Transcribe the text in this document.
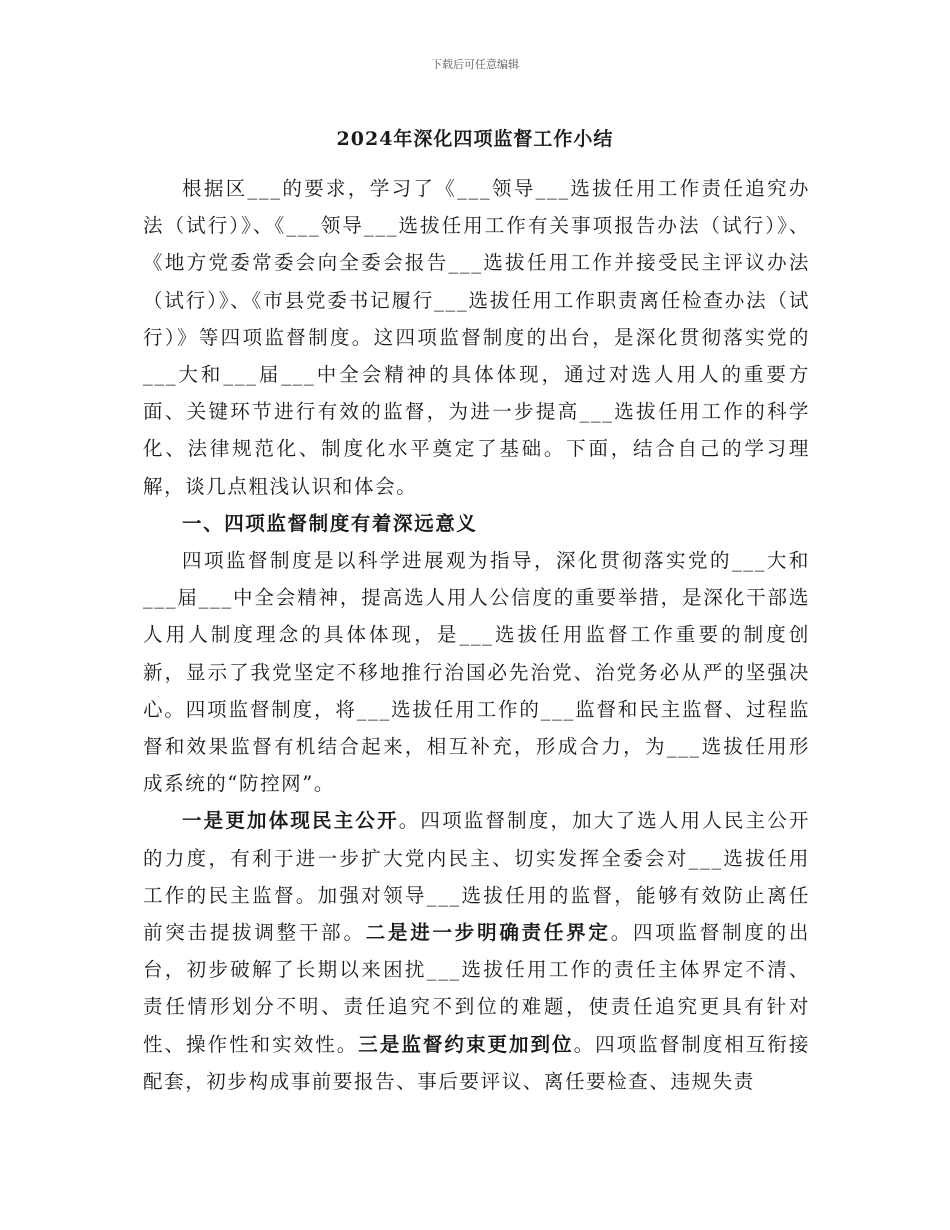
下载后可任意编辑
2024年深化四项监督工作小结

根据区___的要求，学习了《___领导___选拔任用工作责任追究办法（试行）》、《___领导___选拔任用工作有关事项报告办法（试行）》、《地方党委常委会向全委会报告___选拔任用工作并接受民主评议办法（试行）》、《市县党委书记履行___选拔任用工作职责离任检查办法（试行）》等四项监督制度。这四项监督制度的出台，是深化贯彻落实党的___大和___届___中全会精神的具体体现，通过对选人用人的重要方面、关键环节进行有效的监督，为进一步提高___选拔任用工作的科学化、法律规范化、制度化水平奠定了基础。下面，结合自己的学习理解，谈几点粗浅认识和体会。

一、四项监督制度有着深远意义

四项监督制度是以科学进展观为指导，深化贯彻落实党的___大和___届___中全会精神，提高选人用人公信度的重要举措，是深化干部选人用人制度理念的具体体现，是___选拔任用监督工作重要的制度创新，显示了我党坚定不移地推行治国必先治党、治党务必从严的坚强决心。四项监督制度，将___选拔任用工作的___监督和民主监督、过程监督和效果监督有机结合起来，相互补充，形成合力，为___选拔任用形成系统的“防控网”。

一是更加体现民主公开。四项监督制度，加大了选人用人民主公开的力度，有利于进一步扩大党内民主、切实发挥全委会对___选拔任用工作的民主监督。加强对领导___选拔任用的监督，能够有效防止离任前突击提拔调整干部。二是进一步明确责任界定。四项监督制度的出台，初步破解了长期以来困扰___选拔任用工作的责任主体界定不清、责任情形划分不明、责任追究不到位的难题，使责任追究更具有针对性、操作性和实效性。三是监督约束更加到位。四项监督制度相互衔接配套，初步构成事前要报告、事后要评议、离任要检查、违规失责
